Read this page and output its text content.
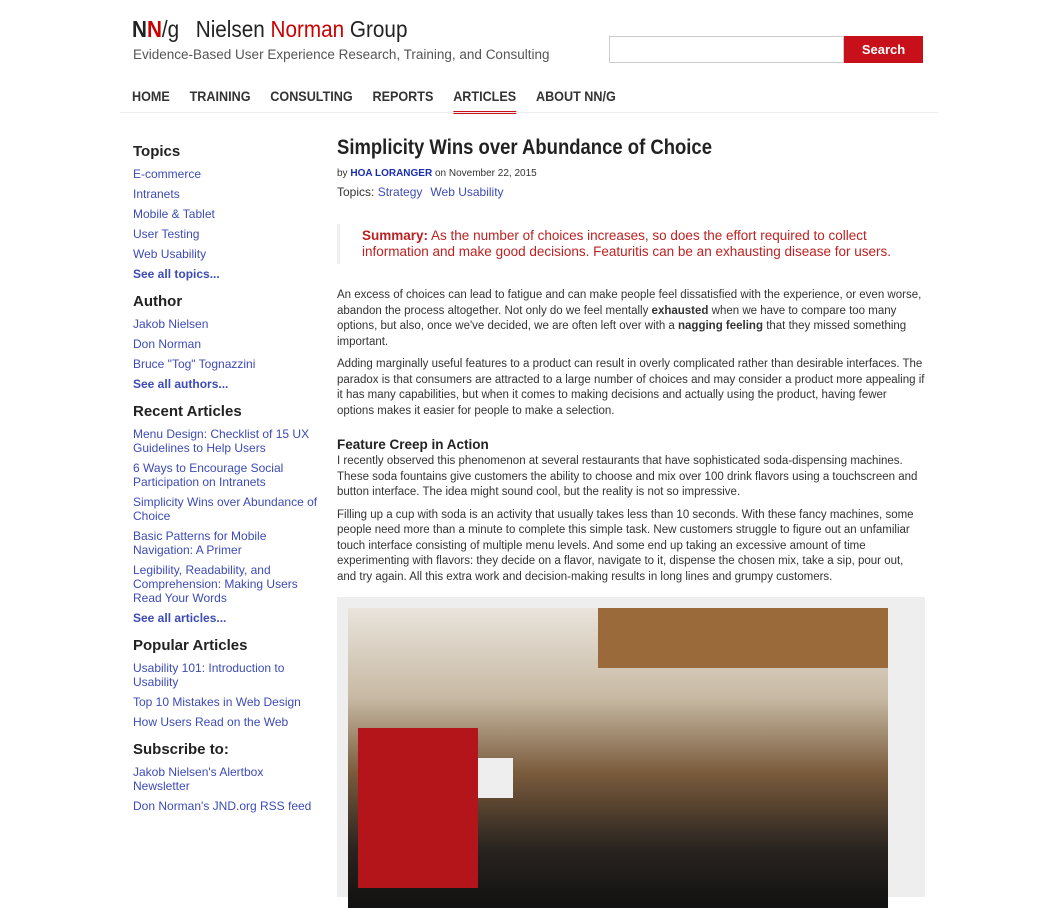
NN/g Nielsen Norman Group
Evidence-Based User Experience Research, Training, and Consulting	Search
HOME TRAINING CONSULTING REPORTS ARTICLES ABOUT NN/G
Topics
E-commerce
Intranets
Mobile & Tablet
User Testing
Web Usability
See all topics...
Author
Jakob Nielsen
Don Norman
Bruce "Tog" Tognazzini
See all authors...
Recent Articles
Menu Design: Checklist of 15 UX Guidelines to Help Users
6 Ways to Encourage Social Participation on Intranets
Simplicity Wins over Abundance of Choice
Basic Patterns for Mobile Navigation: A Primer
Legibility, Readability, and Comprehension: Making Users Read Your Words
See all articles...
Popular Articles
Usability 101: Introduction to Usability
Top 10 Mistakes in Web Design
How Users Read on the Web
Subscribe to:
Jakob Nielsen's Alertbox Newsletter
Don Norman's JND.org RSS feed
Simplicity Wins over Abundance of Choice
by HOA LORANGER on November 22, 2015
Topics: Strategy Web Usability
Summary: As the number of choices increases, so does the effort required to collect information and make good decisions. Featuritis can be an exhausting disease for users.
An excess of choices can lead to fatigue and can make people feel dissatisfied with the experience, or even worse, abandon the process altogether. Not only do we feel mentally exhausted when we have to compare too many options, but also, once we've decided, we are often left over with a nagging feeling that they missed something important.
Adding marginally useful features to a product can result in overly complicated rather than desirable interfaces. The paradox is that consumers are attracted to a large number of choices and may consider a product more appealing if it has many capabilities, but when it comes to making decisions and actually using the product, having fewer options makes it easier for people to make a selection.
Feature Creep in Action
I recently observed this phenomenon at several restaurants that have sophisticated soda-dispensing machines. These soda fountains give customers the ability to choose and mix over 100 drink flavors using a touchscreen and button interface. The idea might sound cool, but the reality is not so impressive.
Filling up a cup with soda is an activity that usually takes less than 10 seconds. With these fancy machines, some people need more than a minute to complete this simple task. New customers struggle to figure out an unfamiliar touch interface consisting of multiple menu levels. And some end up taking an excessive amount of time experimenting with flavors: they decide on a flavor, navigate to it, dispense the chosen mix, take a sip, pour out, and try again. All this extra work and decision-making results in long lines and grumpy customers.
